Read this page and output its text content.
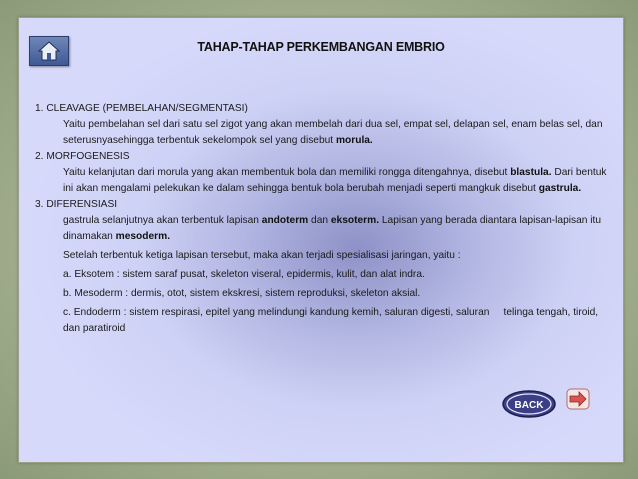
TAHAP-TAHAP PERKEMBANGAN EMBRIO

1. CLEAVAGE (PEMBELAHAN/SEGMENTASI)

Yaitu pembelahan sel dari satu sel zigot yang akan membelah dari dua sel, empat sel, delapan sel, enam belas sel, dan seterusnyasehingga terbentuk sekelompok sel yang disebut morula.

2. MORFOGENESIS

Yaitu kelanjutan dari morula yang akan membentuk bola dan memiliki rongga ditengahnya, disebut blastula. Dari bentuk ini akan mengalami pelekukan ke dalam sehingga bentuk bola berubah menjadi seperti mangkuk disebut gastrula.

3. DIFERENSIASI

gastrula selanjutnya akan terbentuk lapisan andoterm dan eksoterm. Lapisan yang berada diantara lapisan-lapisan itu dinamakan mesoderm.

Setelah terbentuk ketiga lapisan tersebut, maka akan terjadi spesialisasi jaringan, yaitu :

a. Eksotem : sistem saraf pusat, skeleton viseral, epidermis, kulit, dan alat indra.

b. Mesoderm : dermis, otot, sistem ekskresi, sistem reproduksi, skeleton aksial.

c. Endoderm : sistem respirasi, epitel yang melindungi kandung kemih, saluran digesti, saluran     telinga tengah, tiroid, dan paratiroid

BACK
